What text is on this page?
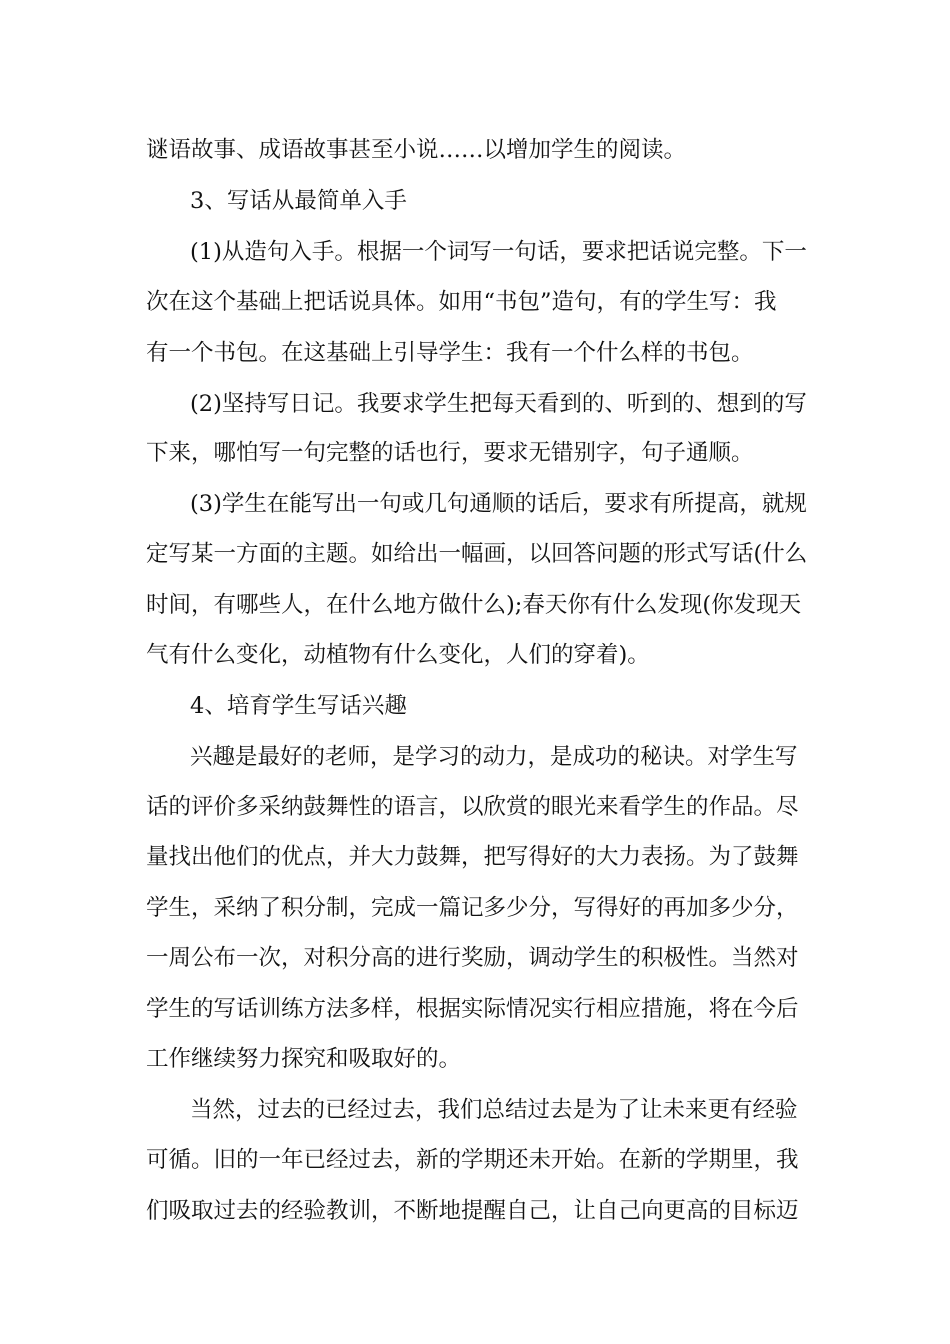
谜语故事、成语故事甚至小说……以增加学生的阅读。
3、写话从最简单入手
(1)从造句入手。根据一个词写一句话，要求把话说完整。下一
次在这个基础上把话说具体。如用“书包”造句，有的学生写：我
有一个书包。在这基础上引导学生：我有一个什么样的书包。
(2)坚持写日记。我要求学生把每天看到的、听到的、想到的写
下来，哪怕写一句完整的话也行，要求无错别字，句子通顺。
(3)学生在能写出一句或几句通顺的话后，要求有所提高，就规
定写某一方面的主题。如给出一幅画，以回答问题的形式写话(什么
时间，有哪些人，在什么地方做什么);春天你有什么发现(你发现天
气有什么变化，动植物有什么变化，人们的穿着)。
4、培育学生写话兴趣
兴趣是最好的老师，是学习的动力，是成功的秘诀。对学生写
话的评价多采纳鼓舞性的语言，以欣赏的眼光来看学生的作品。尽
量找出他们的优点，并大力鼓舞，把写得好的大力表扬。为了鼓舞
学生，采纳了积分制，完成一篇记多少分，写得好的再加多少分，
一周公布一次，对积分高的进行奖励，调动学生的积极性。当然对
学生的写话训练方法多样，根据实际情况实行相应措施，将在今后
工作继续努力探究和吸取好的。
当然，过去的已经过去，我们总结过去是为了让未来更有经验
可循。旧的一年已经过去，新的学期还未开始。在新的学期里，我
们吸取过去的经验教训，不断地提醒自己，让自己向更高的目标迈
